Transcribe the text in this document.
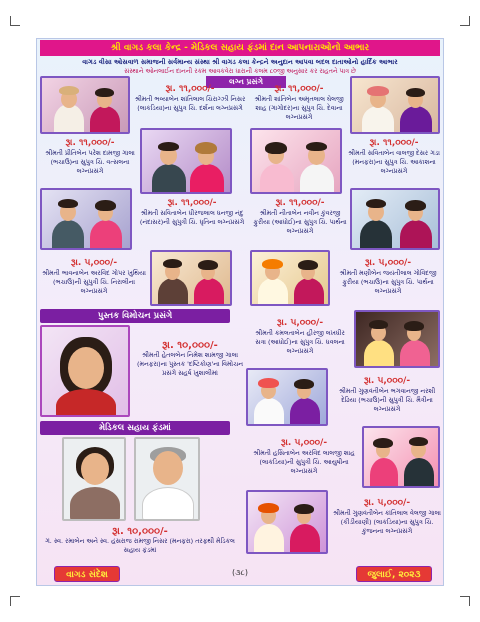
શ્રી વાગડ કલા કેન્દ્ર - મેડિકલ સહાય ફંડમાં દાન આપનારાઓનો આભાર
વાગડ વીસા ઓસવાળ સમાજની સર્વમાન્ય સંસ્થા શ્રી વાગડ કલા કેન્દ્રને અનુદાન આપવા બદલ દાતાઓનો હાર્દિક આભાર
સંસ્થાને ઓનલાઈન દાનની રકમ આવકવેરા ધારાની કલમ ૮૦જી અનુસાર કર રાહતને પાત્ર છે
લગ્ન પ્રસંગે
રૂા. ૧૧,૦૦૦/-
શ્રીમતી ભવ્યાબેન શાંતિલાલ ચિરાગ્ઝી નિસર (લાકડિયા)ના સુપુત્ર ચિ. દર્શના લગ્નપ્રસંગે
રૂા. ૧૧,૦૦૦/-
શ્રીમતી શાંતિબેન અમૃતલાલ ઘેલજી શાહ (ગાગોદર)ના સુપુત્ર ચિ. દેવાના લગ્નપ્રસંગે
રૂા. ૧૧,૦૦૦/-
શ્રીમતી પ્રીતિબેન પરેશ દામજી ગાલા (ભચાઉ)ના સુપુત્ર ચિ. વત્સલના લગ્નપ્રસંગે
રૂા. ૧૧,૦૦૦/-
શ્રીમતી સવિતાબેન વાલજી દેસર ગડા (મનફરા)ના સુપુત્ર ચિ. આકાશના લગ્નપ્રસંગે
રૂા. ૧૧,૦૦૦/-
શ્રીમતી સવિતાબેન ધીરજલાલ ધનજી નંદુ (નંદાસર)ની સુપુત્રી ચિ. ધૃતિના લગ્નપ્રસંગે
રૂા. ૧૧,૦૦૦/-
શ્રીમતી નીતાબેન નવીન કુંવરજી ફુરીયા (આધોઈ)ના સુપુત્ર ચિ. પાર્થના લગ્નપ્રસંગે
રૂા. ૫,૦૦૦/-
શ્રીમતી ભાવનાબેન અરવિંદ ગોપર ખુથિયા (ભચાઉ)ની સુપુત્રી ચિ. નિરાલીના લગ્નપ્રસંગે
રૂા. ૫,૦૦૦/-
શ્રીમતી મણીબેન જયંતીલાલ ગોવિંદજી ફુરીયા (ભચાઉ)ના સુપુત્ર ચિ. પાર્થના લગ્નપ્રસંગે
પુસ્તક વિમોચન પ્રસંગે
રૂા. ૧૦,૦૦૦/-
શ્રીમતી હેતલબેન નિમેશ શામજી ગાલા (મનફરા)ના પુસ્તક 'દષ્ટિકોણ'ના વિમોચન પ્રસંગે સહર્ષ ખુશાલીમાં
મેડિકલ સહાય ફંડમાં
રૂા. ૧૦,૦૦૦/-
ગં. સ્વ. રમાબેન અને સ્વ. હંસરાજ રામજી નિસર (મનફરા) તરફથી મેડિકલ સહાય ફંડમાં
રૂા. ૫,૦૦૦/-
શ્રીમતી કમલતાબેન હીરજી લખધીર સત્રા (આધોઈ)ના સુપુત્ર ચિ. ધવલના લગ્નપ્રસંગે
રૂા. ૫,૦૦૦/-
શ્રીમતી ગુણવંતીબેન ભગવાનજી નરશી દેઢિયા (ભચાઉ)ની સુપુત્રી ચિ. મૈત્રીના લગ્નપ્રસંગે
રૂા. ૫,૦૦૦/-
શ્રીમતી હસિતાબેન અરવિંદ લાલજી શાહ (લાકડિયા)ની સુપુત્રી ચિ. આયુષીના લગ્નપ્રસંગે
રૂા. ૫,૦૦૦/-
શ્રીમતી ગુણવંતીબેન કાંતિલાલ વેલજી ગાલા (કીડીયાણી) (લાકડિયા)ના સુપુત્ર ચિ. કુંજનના લગ્નપ્રસંગે
વાગડ સંદેશ	(૩૮)	જુલાઈ, ૨૦૨૩
